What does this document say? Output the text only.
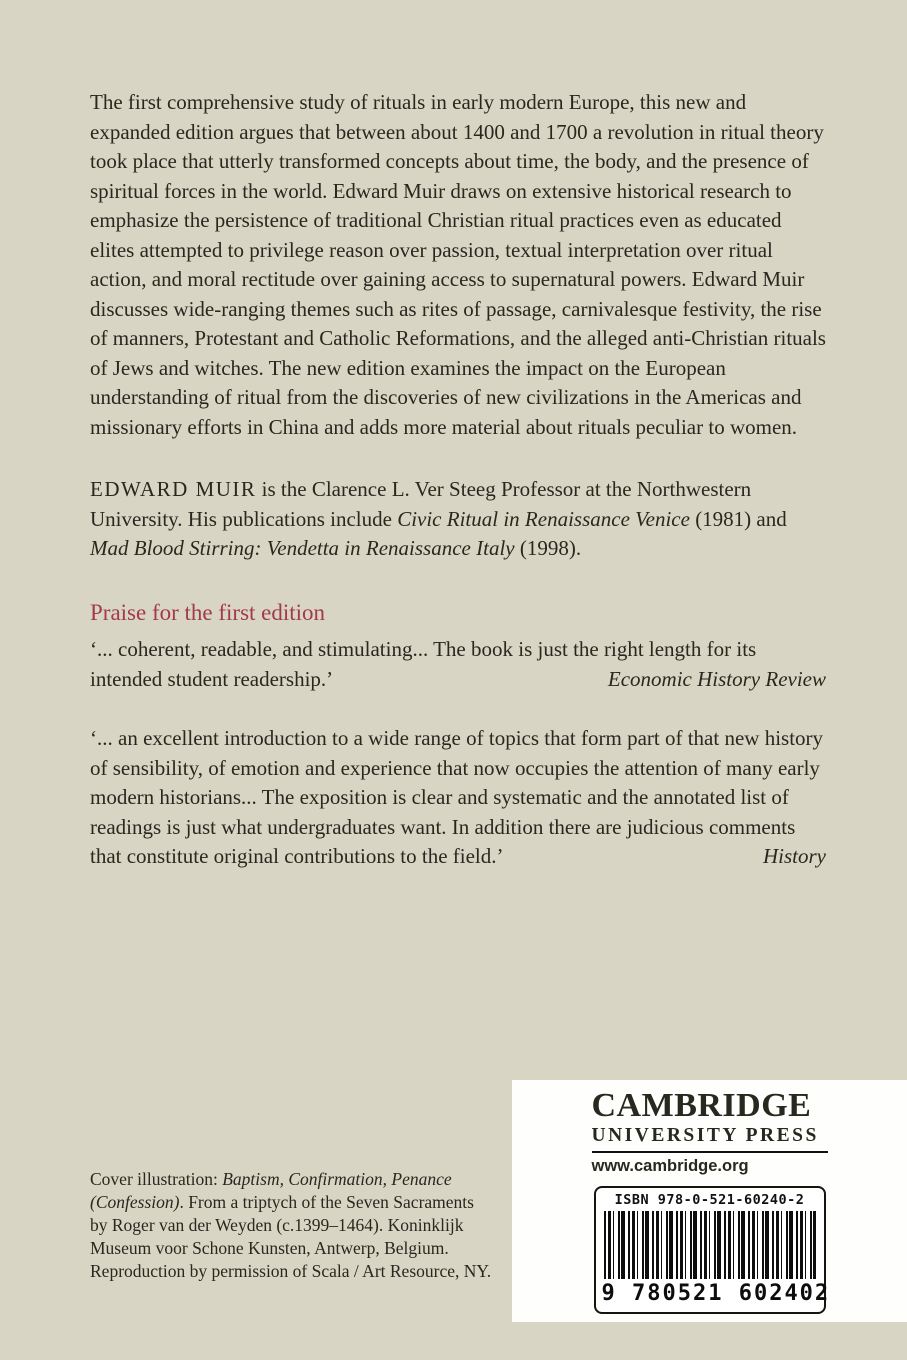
The first comprehensive study of rituals in early modern Europe, this new and expanded edition argues that between about 1400 and 1700 a revolution in ritual theory took place that utterly transformed concepts about time, the body, and the presence of spiritual forces in the world. Edward Muir draws on extensive historical research to emphasize the persistence of traditional Christian ritual practices even as educated elites attempted to privilege reason over passion, textual interpretation over ritual action, and moral rectitude over gaining access to supernatural powers. Edward Muir discusses wide-ranging themes such as rites of passage, carnivalesque festivity, the rise of manners, Protestant and Catholic Reformations, and the alleged anti-Christian rituals of Jews and witches. The new edition examines the impact on the European understanding of ritual from the discoveries of new civilizations in the Americas and missionary efforts in China and adds more material about rituals peculiar to women.

EDWARD MUIR is the Clarence L. Ver Steeg Professor at the Northwestern University. His publications include Civic Ritual in Renaissance Venice (1981) and Mad Blood Stirring: Vendetta in Renaissance Italy (1998).

Praise for the first edition

‘... coherent, readable, and stimulating... The book is just the right length for its intended student readership.’	Economic History Review

‘... an excellent introduction to a wide range of topics that form part of that new history of sensibility, of emotion and experience that now occupies the attention of many early modern historians... The exposition is clear and systematic and the annotated list of readings is just what undergraduates want. In addition there are judicious comments that constitute original contributions to the field.’	History

Cover illustration: Baptism, Confirmation, Penance (Confession). From a triptych of the Seven Sacraments by Roger van der Weyden (c.1399–1464). Koninklijk Museum voor Schone Kunsten, Antwerp, Belgium. Reproduction by permission of Scala / Art Resource, NY.

CAMBRIDGE
UNIVERSITY PRESS
www.cambridge.org
ISBN 978-0-521-60240-2
9 780521 602402
